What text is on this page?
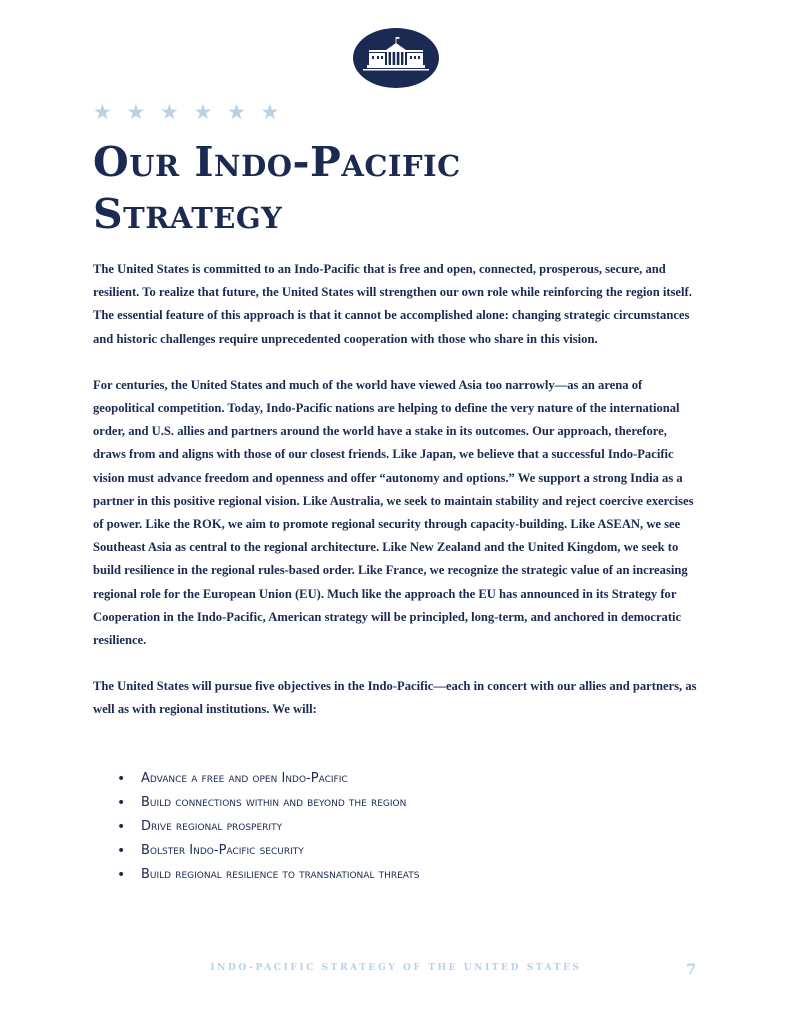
★ ★ ★ ★ ★ ★

Our Indo-Pacific
Strategy

The United States is committed to an Indo-Pacific that is free and open, connected, prosperous, secure, and resilient. To realize that future, the United States will strengthen our own role while reinforcing the region itself. The essential feature of this approach is that it cannot be accomplished alone: changing strategic circumstances and historic challenges require unprecedented cooperation with those who share in this vision.

For centuries, the United States and much of the world have viewed Asia too narrowly—as an arena of geopolitical competition. Today, Indo-Pacific nations are helping to define the very nature of the international order, and U.S. allies and partners around the world have a stake in its outcomes. Our approach, therefore, draws from and aligns with those of our closest friends. Like Japan, we believe that a successful Indo-Pacific vision must advance freedom and openness and offer “autonomy and options.” We support a strong India as a partner in this positive regional vision. Like Australia, we seek to maintain stability and reject coercive exercises of power. Like the ROK, we aim to promote regional security through capacity-building. Like ASEAN, we see Southeast Asia as central to the regional architecture. Like New Zealand and the United Kingdom, we seek to build resilience in the regional rules-based order. Like France, we recognize the strategic value of an increasing regional role for the European Union (EU). Much like the approach the EU has announced in its Strategy for Cooperation in the Indo-Pacific, American strategy will be principled, long-term, and anchored in democratic resilience.

The United States will pursue five objectives in the Indo-Pacific—each in concert with our allies and partners, as well as with regional institutions. We will:

• Advance a free and open Indo-Pacific
• Build connections within and beyond the region
• Drive regional prosperity
• Bolster Indo-Pacific security
• Build regional resilience to transnational threats

INDO-PACIFIC STRATEGY OF THE UNITED STATES	7
